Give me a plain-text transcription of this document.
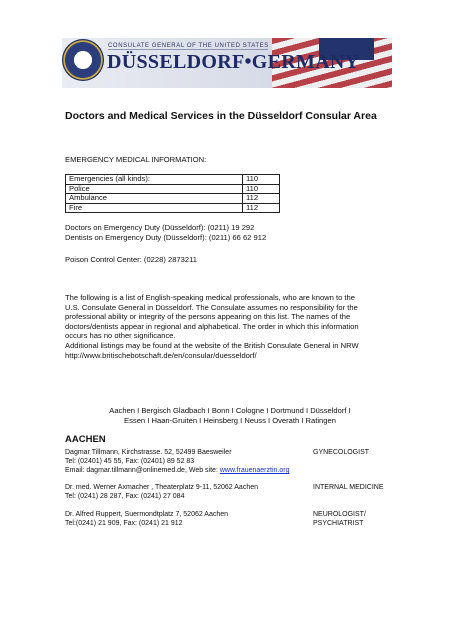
CONSULATE GENERAL OF THE UNITED STATES
DÜSSELDORF•GERMANY
Doctors and Medical Services in the Düsseldorf Consular Area
EMERGENCY MEDICAL INFORMATION:
Emergencies (all kinds):	110
Police	110
Ambulance	112
Fire	112
Doctors on Emergency Duty (Düsseldorf): (0211) 19 292
Dentists on Emergency Duty (Düsseldorf): (0211) 66 62 912
Poison Control Center: (0228) 2873211
The following is a list of English-speaking medical professionals, who are known to the
U.S. Consulate General in Düsseldorf. The Consulate assumes no responsibility for the
professional ability or integrity of the persons appearing on this list. The names of the
doctors/dentists appear in regional and alphabetical. The order in which this information
occurs has no other significance.
Additional listings may be found at the website of the British Consulate General in NRW
http://www.britischebotschaft.de/en/consular/duesseldorf/
Aachen I Bergisch Gladbach I Bonn I Cologne I Dortmund I Düsseldorf I
Essen I Haan-Gruiten I Heinsberg I Neuss I Overath I Ratingen
AACHEN
Dagmar Tillmann, Kirchstrasse. 52, 52499 Baesweiler
Tel: (02401) 45 55, Fax: (02401) 89 52 83
Email: dagmar.tillmann@onlinemed.de, Web site: www.frauenaerztin.org
GYNECOLOGIST
Dr. med. Werner Axmacher , Theaterplatz 9-11, 52062 Aachen
Tel: (0241) 28 287, Fax: (0241) 27 084
INTERNAL MEDICINE
Dr. Alfred Ruppert, Suermondtplatz 7, 52062 Aachen
Tel:(0241) 21 909, Fax: (0241) 21 912
NEUROLOGIST/
PSYCHIATRIST
